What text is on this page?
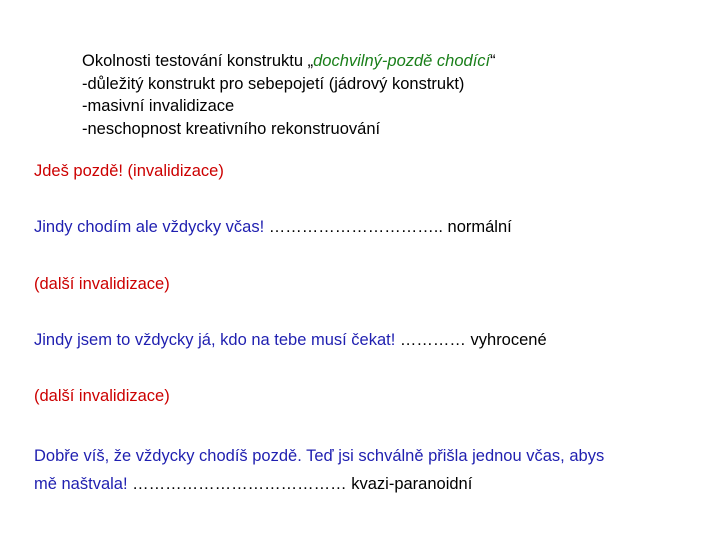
Okolnosti testování konstruktu „dochvilný-pozdě chodící“
-důležitý konstrukt pro sebepojetí (jádrový konstrukt)
-masivní invalidizace
-neschopnost kreativního rekonstruování
Jdeš pozdě! (invalidizace)
Jindy chodím ale vždycky včas! ………………………….. normální
(další invalidizace)
Jindy jsem to vždycky já, kdo na tebe musí čekat! ………… vyhrocené
(další invalidizace)
Dobře víš, že vždycky chodíš pozdě. Teď jsi schválně přišla jednou včas, abys
mě naštvala! ………………………………… kvazi-paranoidní
